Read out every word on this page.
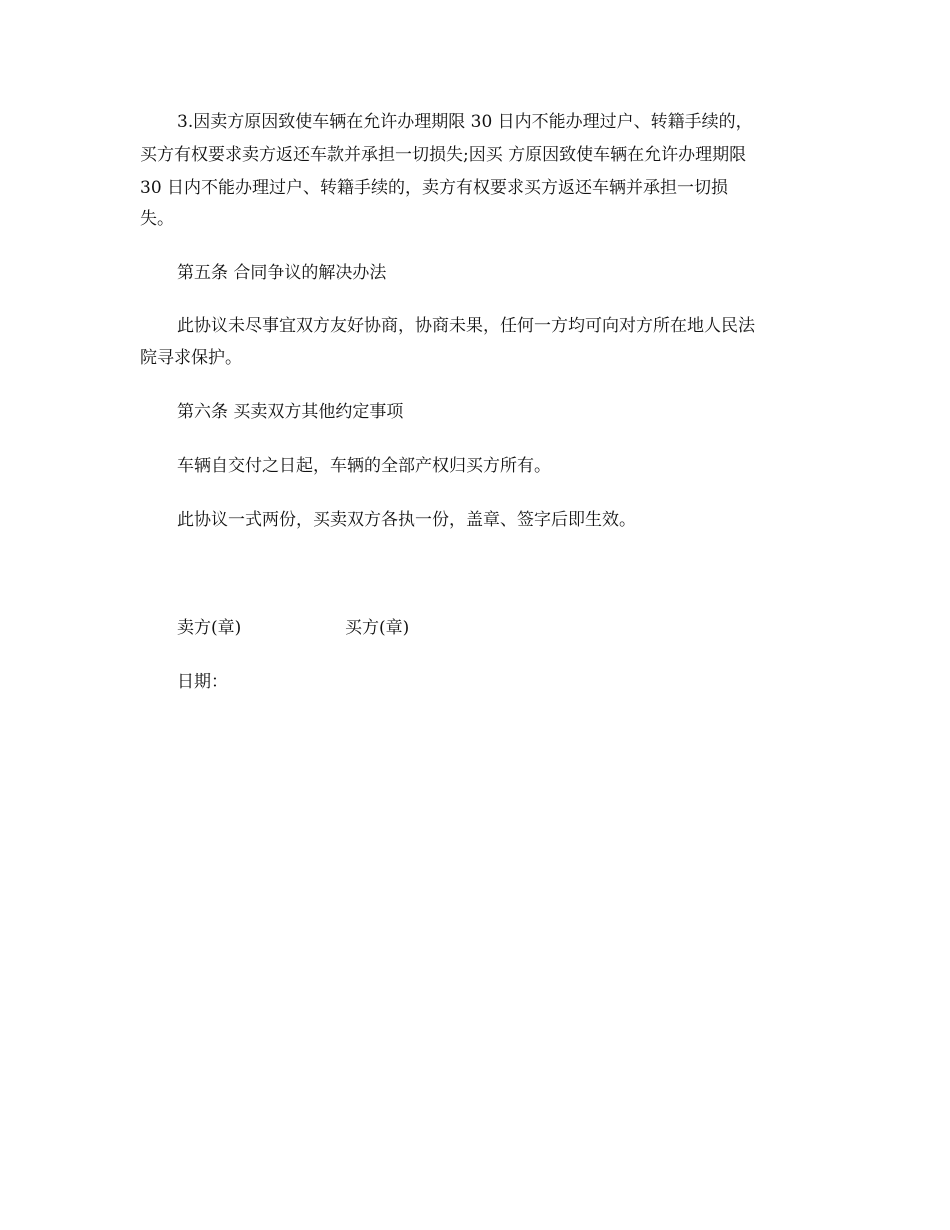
3.因卖方原因致使车辆在允许办理期限 30 日内不能办理过户、转籍手续的，
买方有权要求卖方返还车款并承担一切损失;因买 方原因致使车辆在允许办理期限
30 日内不能办理过户、转籍手续的，卖方有权要求买方返还车辆并承担一切损
失。
第五条 合同争议的解决办法
此协议未尽事宜双方友好协商，协商未果，任何一方均可向对方所在地人民法
院寻求保护。
第六条 买卖双方其他约定事项
车辆自交付之日起，车辆的全部产权归买方所有。
此协议一式两份，买卖双方各执一份，盖章、签字后即生效。
卖方(章)	买方(章)
日期：
